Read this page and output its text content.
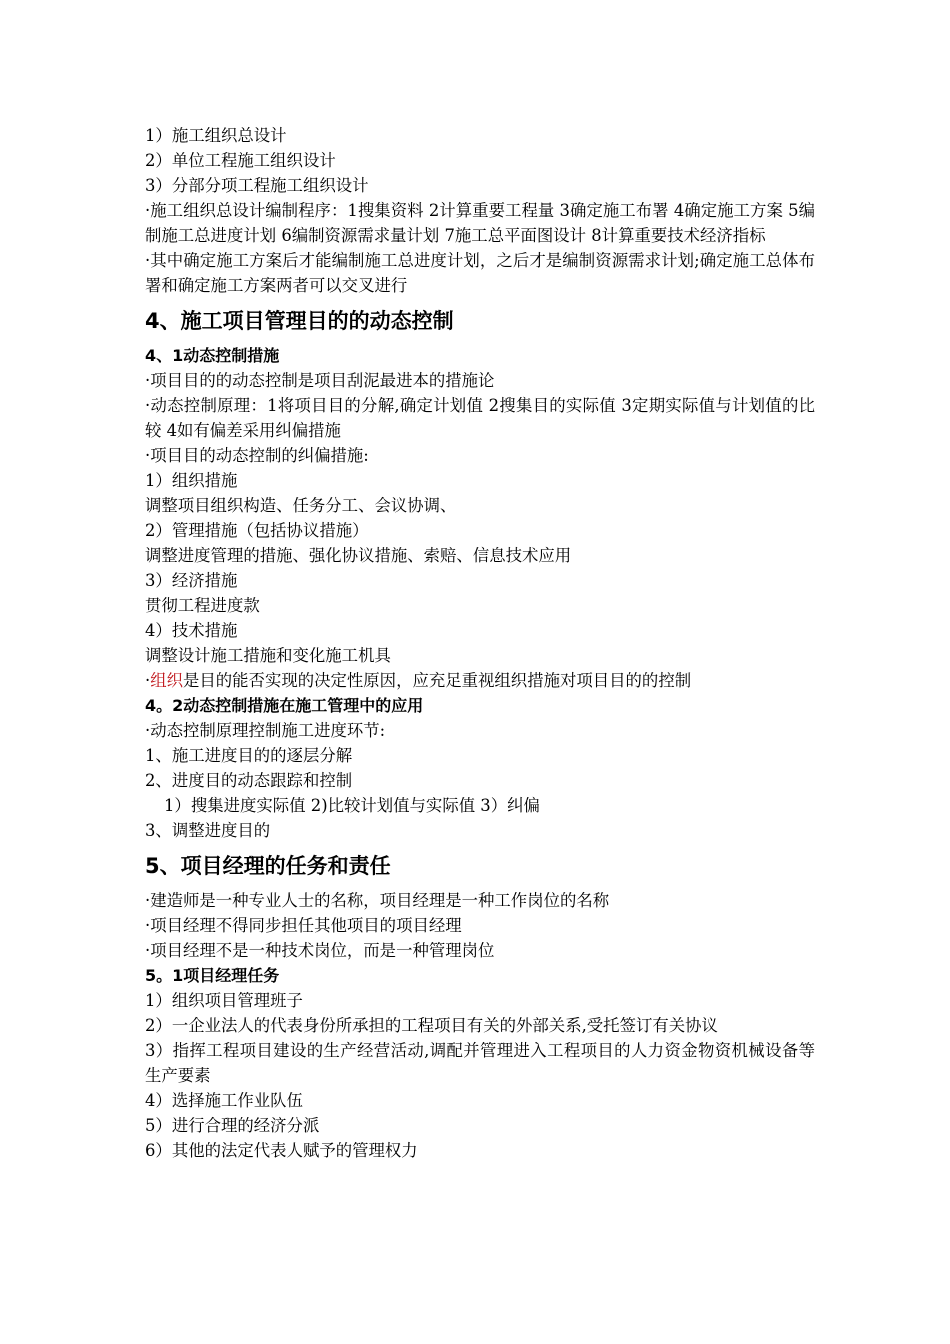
1）施工组织总设计
2）单位工程施工组织设计
3）分部分项工程施工组织设计
·施工组织总设计编制程序：1搜集资料 2计算重要工程量 3确定施工布署 4确定施工方案 5编制施工总进度计划 6编制资源需求量计划 7施工总平面图设计 8计算重要技术经济指标
·其中确定施工方案后才能编制施工总进度计划，之后才是编制资源需求计划;确定施工总体布署和确定施工方案两者可以交叉进行
4、施工项目管理目的的动态控制
4、1动态控制措施
·项目目的的动态控制是项目刮泥最进本的措施论
·动态控制原理：1将项目目的分解,确定计划值 2搜集目的实际值 3定期实际值与计划值的比较 4如有偏差采用纠偏措施
·项目目的动态控制的纠偏措施:
1）组织措施
调整项目组织构造、任务分工、会议协调、
2）管理措施（包括协议措施）
调整进度管理的措施、强化协议措施、索赔、信息技术应用
3）经济措施
贯彻工程进度款
4）技术措施
调整设计施工措施和变化施工机具
·组织是目的能否实现的决定性原因，应充足重视组织措施对项目目的的控制
4。2动态控制措施在施工管理中的应用
·动态控制原理控制施工进度环节:
1、施工进度目的的逐层分解
2、进度目的动态跟踪和控制
1）搜集进度实际值 2)比较计划值与实际值 3）纠偏
3、调整进度目的
5、项目经理的任务和责任
·建造师是一种专业人士的名称，项目经理是一种工作岗位的名称
·项目经理不得同步担任其他项目的项目经理
·项目经理不是一种技术岗位，而是一种管理岗位
5。1项目经理任务
1）组织项目管理班子
2）一企业法人的代表身份所承担的工程项目有关的外部关系,受托签订有关协议
3）指挥工程项目建设的生产经营活动,调配并管理进入工程项目的人力资金物资机械设备等生产要素
4）选择施工作业队伍
5）进行合理的经济分派
6）其他的法定代表人赋予的管理权力
